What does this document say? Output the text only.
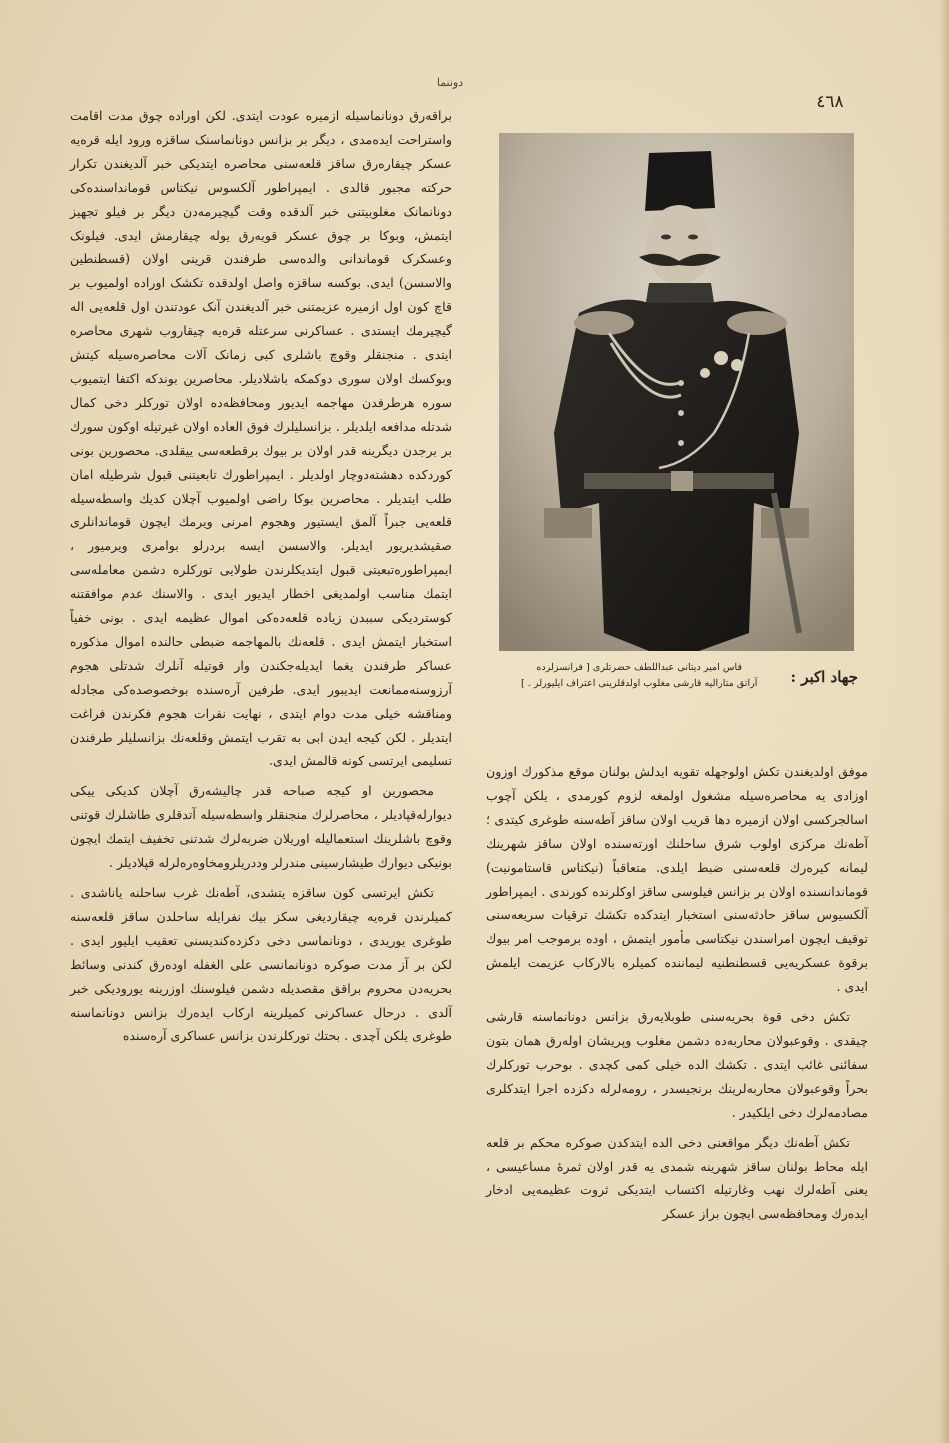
دوننما
٤٦٨

براقەرق دونانماسیله ازمیرە عودت ایتدی. لکن اورادە چوق مدت اقامت واستراحت ایدەمدی ، دیگر بر بزانس دونانماسنک ساقزە ورود ایله قرەیە عسکر چیقارەرق ساقز قلعەسنی محاصرە ایتدیکی خبر آلدیغندن تکرار حرکتە مجبور قالدی . ایمپراطور آلکسوس نیکتاس قومانداسندەکی دونانمانک مغلوبیتنی خبر آلدقدە وقت گیچیرمەدن دیگر بر فیلو تجهیز ایتمش، وبوکا بر چوق عسکر قویەرق یولە چیقارمش ایدی. فیلونک وعسکرک قوماندانی والدەسی طرفندن قرینی اولان (قسطنطین والاسسن) ایدی. بوکسە ساقزە واصل اولدقدە تکشک اورادە اولمیوب بر قاچ کون اول ازمیرە عزیمتنی خبر آلدیغندن آنک عودتندن اول قلعەیی الە گیچیرمك ایستدی . عساکرنی سرعتلە قرەیە چیقاروب شهری محاصرە ایتدی . منجنقلر وقوچ باشلری کبی زمانک آلات محاصرەسیلە کیتش وبوکسك اولان سوری دوکمکە باشلادیلر. محاصرین بوندکە اکتفا ایتمیوب سورە هرطرفدن مهاجمە ایدیور ومحافظەدە اولان تورکلر دخی کمال شدتلە مدافعە ایلدیلر . بزانسلیلرك فوق العادە اولان غیرتیلە اوکون سورك بر برجدن دیگرینە قدر اولان بر بیوك برقطعەسی ییقلدی. محصورین بونی کوردکدە دهشتەدوچار اولدیلر . ایمپراطورك تابعیتنی قبول شرطیلە امان طلب ایتدیلر . محاصرین بوکا راضی اولمیوب آچلان کدیك واسطەسیلە قلعەیی جبراً آلمق ایستیور وهجوم امرنی ویرمك ایچون قوماندانلری صقیشدیریور ایدیلر. والاسسن ایسە بردرلو بوامری ویرمیور ، ایمپراطورەتبعیتی قبول ایتدیکلرندن طولایی تورکلرە دشمن معاملەسی ایتمك مناسب اولمدیغی اخطار ایدیور ایدی . والاسنك عدم موافقتنە کوستردیکی سببدن زیادە قلعەدەکی اموال عظیمە ایدی . بونی خفیاً استخبار ایتمش ایدی . قلعەنك بالمهاجمە ضبطی حالندە اموال مذکورە عساکر طرفندن یغما ایدیلەجکندن وار قوتیلە آنلرك شدتلی هجوم آرزوسنەممانعت ایدیبور ایدی. طرفین آرەسندە بوخصوصدەکی مجادلە ومناقشە خیلی مدت دوام ایتدی ، نهایت نفرات هجوم فکرندن فراغت ایتدیلر . لکن کیجە ایدن ابی بە تقرب ایتمش وقلعەنك بزانسلیلر طرفندن تسلیمی ایرتسی کونە قالمش ایدی.

محصورین او کیجە صباحە قدر چالیشەرق آچلان کدیکی ییکی دیوارلەقپادیلر ، محاصرلرك منجنقلر واسطەسیلە آتدقلری طاشلرك قوتنی وقوچ باشلرینك استعمالیلە اوریلان ضربەلرك شدتنی تخفیف ایتمك ایچون بونیکی دیوارك طیشارسینی مندرلر وددریلرومخاوەرەلرلە قپلادیلر .

تکش ایرتسی کون ساقزە یتشدی، آطەنك غرب ساحلنە یاناشدی . کمیلرندن قرەیە چیقاردیغی سکز بیك نفرایلە ساحلدن ساقز قلعەسنە طوغری یوریدی ، دونانماسی دخی دکزدەکندیسنی تعقیب ایلیور ایدی . لکن بر آز مدت صوکرە دونانمانسی علی الغفلە اودەرق کندنی وسائط بحریەدن محروم براقق مقصدیلە دشمن فیلوسنك اوزرینە یورودیکی خبر آلدی . درحال عساکرنی کمیلرینە ارکاب ایدەرك بزانس دونانماسنە طوغری یلکن آچدی . بحتك تورکلرندن بزانس عساکری آرەسندە

جهاد اكبر :
فاس امیر دیتانی عبداللطف حضرتلری [ فرانسزلرده
آراتق متاراليه قارشی مغلوب اولدقلرینی اعتراف ایلیورلر . ]

موفق اولدیغندن تکش اولوجهلە تقویە ایدلش بولنان موقع مذکورك اوزون اوزادی یە محاصرەسیلە مشغول اولمغە لزوم کورمدی ، یلکن آچوب اسالجرکسی اولان ازمیرە دها قریب اولان ساقز آطەسنە طوغری کیتدی ؛ آطەنك مرکزی اولوب شرق ساحلنك اورتەسندە اولان ساقز شهرینك لیمانە کیرەرك قلعەسنی ضبط ایلدی. متعاقباً (نیکتاس قاستامونیت) قوماندانسندە اولان بر بزانس فیلوسی ساقز اوکلرندە کورندی . ایمپراطور آلکسیوس ساقز حادثەسنی استخبار ایتدکدە تکشك ترقیات سریعەسنی توقیف ایچون امراسندن نیکتاسی مأمور ایتمش ، اودە برموجب امر بیوك برقوة عسکریەیی قسطنطنیە لیمانندە کمیلرە بالارکاب عزیمت ایلمش ایدی .

تکش دخی قوة بحریەسنی طوبلایەرق بزانس دونانماسنە قارشی چیقدی . وقوعبولان محاربەدە دشمن مغلوب وپریشان اولەرق همان بتون سفائنی غائب ایتدی . تکشك الدە خیلی کمی کچدی . بوحرب تورکلرك بحراً وقوعبولان محاربەلرینك برنجیسدر ، رومەلرلە دکزدە اجرا ایتدکلری مصادمەلرك دخی ایلکیدر .

تکش آطەنك دیگر مواقعنی دخی الدە ایتدکدن صوکرە محکم بر قلعە ایلە محاط بولنان ساقز شهرینە شمدی یە قدر اولان ثمرۀ مساعیسی ، یعنی آطەلرك نهب وغارتیلە اکتساب ایتدیکی ثروت عظیمەیی ادخار ایدەرك ومحافظەسی ایچون براز عسکر
